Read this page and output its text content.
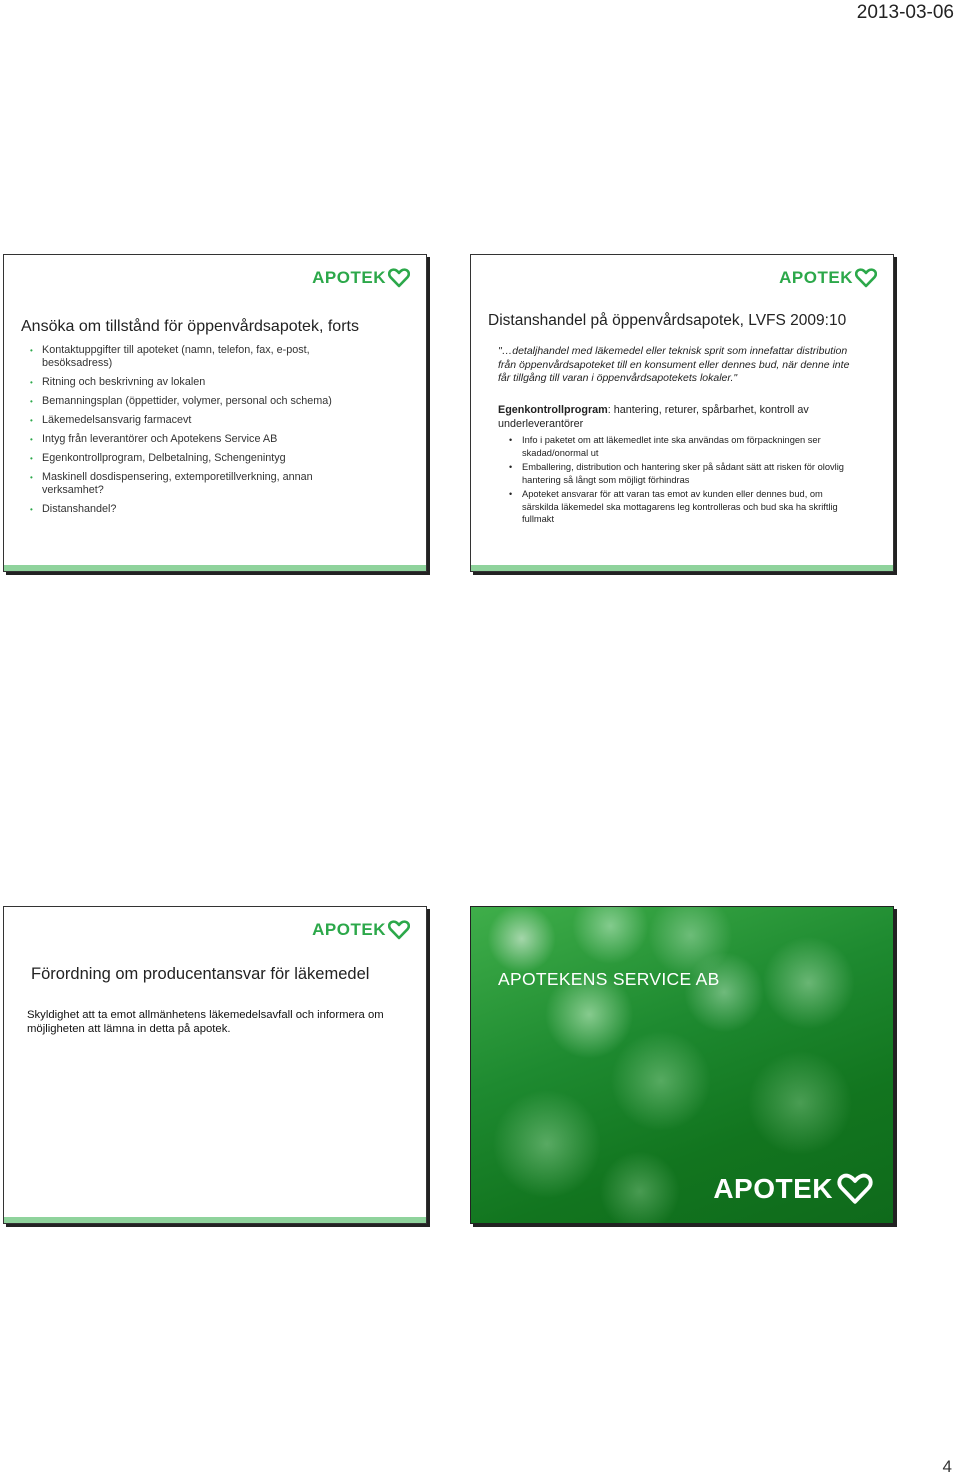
2013-03-06
APOTEK
Ansöka om tillstånd för öppenvårdsapotek, forts
• Kontaktuppgifter till apoteket (namn, telefon, fax, e-post, besöksadress)
• Ritning och beskrivning av lokalen
• Bemanningsplan (öppettider, volymer, personal och schema)
• Läkemedelsansvarig farmacevt
• Intyg från leverantörer och Apotekens Service AB
• Egenkontrollprogram, Delbetalning, Schengenintyg
• Maskinell dosdispensering, extemporetillverkning, annan verksamhet?
• Distanshandel?
APOTEK
Distanshandel på öppenvårdsapotek, LVFS 2009:10

"…detaljhandel med läkemedel eller teknisk sprit som innefattar distribution från öppenvårdsapoteket till en konsument eller dennes bud, när denne inte får tillgång till varan i öppenvårdsapotekets lokaler."

Egenkontrollprogram: hantering, returer, spårbarhet, kontroll av underleverantörer

• Info i paketet om att läkemedlet inte ska användas om förpackningen ser skadad/onormal ut
• Emballering, distribution och hantering sker på sådant sätt att risken för olovlig hantering så långt som möjligt förhindras
• Apoteket ansvarar för att varan tas emot av kunden eller dennes bud, om särskilda läkemedel ska mottagarens leg kontrolleras och bud ska ha skriftlig fullmakt
APOTEK
Förordning om producentansvar för läkemedel

Skyldighet att ta emot allmänhetens läkemedelsavfall och informera om möjligheten att lämna in detta på apotek.

APOTEKENS SERVICE AB
APOTEK
4
